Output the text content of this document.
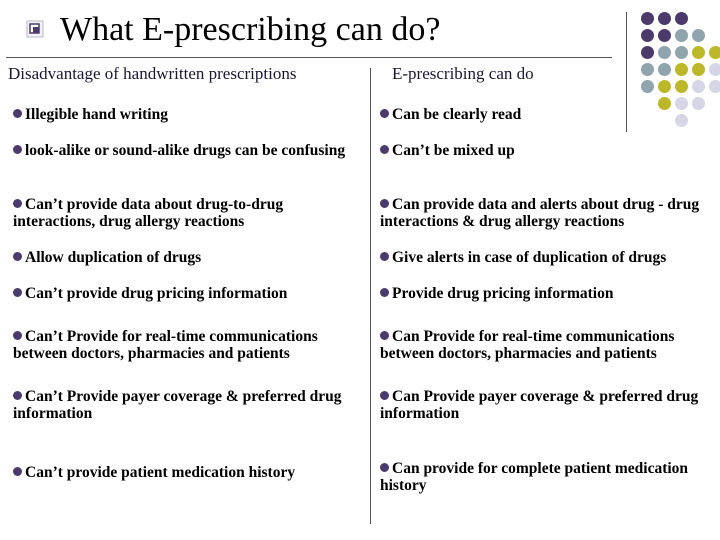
What E-prescribing can do?
Disadvantage of handwritten prescriptions	E-prescribing can do
Illegible hand writing
look-alike or sound-alike drugs can be confusing
Can’t provide data about drug-to-drug interactions, drug allergy reactions
Allow duplication of drugs
Can’t provide drug pricing information
Can’t Provide for real-time communications between doctors, pharmacies and patients
Can’t Provide payer coverage & preferred drug information
Can’t provide patient medication history
Can be clearly read
Can’t be mixed up
Can provide data and alerts about drug - drug interactions & drug allergy reactions
Give alerts in case of duplication of drugs
Provide drug pricing information
Can Provide for real-time communications between doctors, pharmacies and patients
Can Provide payer coverage & preferred drug information
Can provide for complete patient medication history
